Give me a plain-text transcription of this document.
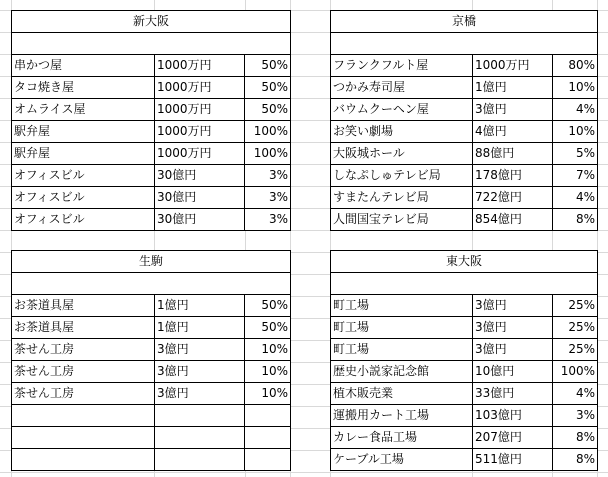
新大阪		

串かつ屋	1000万円	50%
タコ焼き屋	1000万円	50%
オムライス屋	1000万円	50%
駅弁屋	1000万円	100%
駅弁屋	1000万円	100%
オフィスビル	30億円	3%
オフィスビル	30億円	3%
オフィスビル	30億円	3%
京橋		

フランクフルト屋	1000万円	80%
つかみ寿司屋	1億円	10%
バウムクーヘン屋	3億円	4%
お笑い劇場	4億円	10%
大阪城ホール	88億円	5%
しなぷしゅテレビ局	178億円	7%
すまたんテレビ局	722億円	4%
人間国宝テレビ局	854億円	8%
生駒		

お茶道具屋	1億円	50%
お茶道具屋	1億円	50%
茶せん工房	3億円	10%
茶せん工房	3億円	10%
茶せん工房	3億円	10%

東大阪		

町工場	3億円	25%
町工場	3億円	25%
町工場	3億円	25%
歴史小説家記念館	10億円	100%
植木販売業	33億円	4%
運搬用カート工場	103億円	3%
カレー食品工場	207億円	8%
ケーブル工場	511億円	8%
